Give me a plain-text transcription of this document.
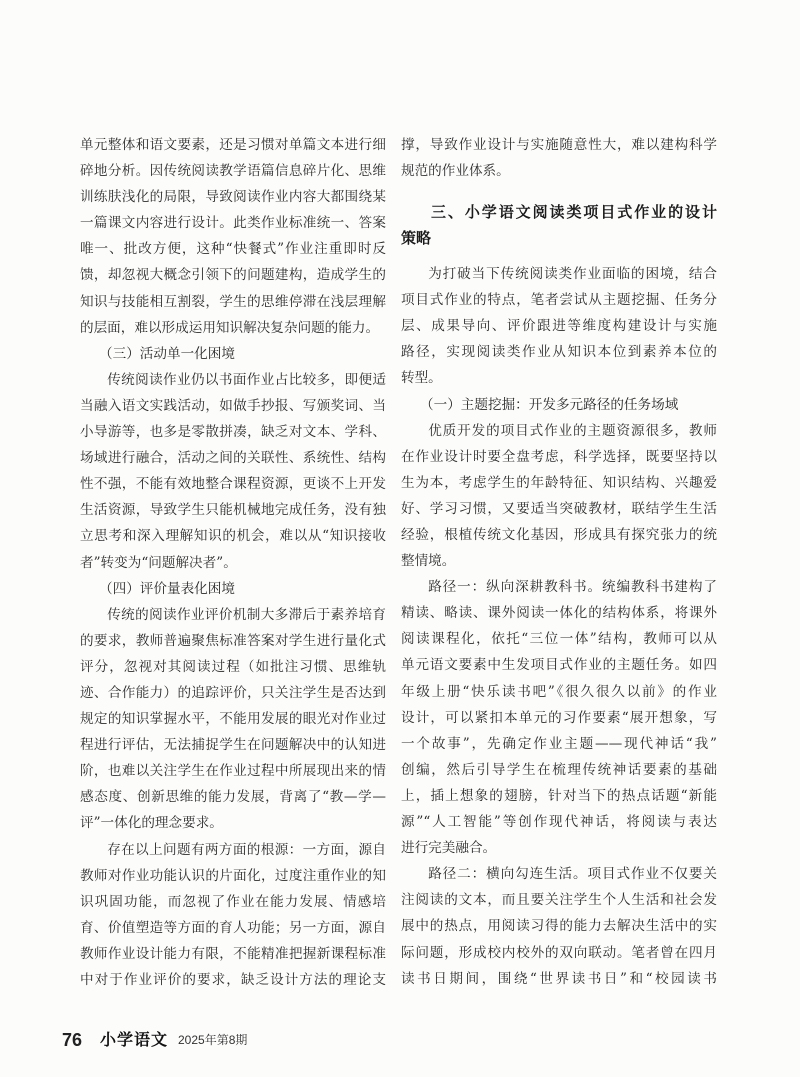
单元整体和语文要素，还是习惯对单篇文本进行细
碎地分析。因传统阅读教学语篇信息碎片化、思维
训练肤浅化的局限，导致阅读作业内容大都围绕某
一篇课文内容进行设计。此类作业标准统一、答案
唯一、批改方便，这种“快餐式”作业注重即时反
馈，却忽视大概念引领下的问题建构，造成学生的
知识与技能相互割裂，学生的思维停滞在浅层理解
的层面，难以形成运用知识解决复杂问题的能力。
（三）活动单一化困境
传统阅读作业仍以书面作业占比较多，即便适
当融入语文实践活动，如做手抄报、写颁奖词、当
小导游等，也多是零散拼凑，缺乏对文本、学科、
场域进行融合，活动之间的关联性、系统性、结构
性不强，不能有效地整合课程资源，更谈不上开发
生活资源，导致学生只能机械地完成任务，没有独
立思考和深入理解知识的机会，难以从“知识接收
者”转变为“问题解决者”。
（四）评价量表化困境
传统的阅读作业评价机制大多滞后于素养培育
的要求，教师普遍聚焦标准答案对学生进行量化式
评分，忽视对其阅读过程（如批注习惯、思维轨
迹、合作能力）的追踪评价，只关注学生是否达到
规定的知识掌握水平，不能用发展的眼光对作业过
程进行评估，无法捕捉学生在问题解决中的认知进
阶，也难以关注学生在作业过程中所展现出来的情
感态度、创新思维的能力发展，背离了“教—学—
评”一体化的理念要求。
存在以上问题有两方面的根源：一方面，源自
教师对作业功能认识的片面化，过度注重作业的知
识巩固功能，而忽视了作业在能力发展、情感培
育、价值塑造等方面的育人功能；另一方面，源自
教师作业设计能力有限，不能精准把握新课程标准
中对于作业评价的要求，缺乏设计方法的理论支
撑，导致作业设计与实施随意性大，难以建构科学
规范的作业体系。
三、小学语文阅读类项目式作业的设计
策略
为打破当下传统阅读类作业面临的困境，结合
项目式作业的特点，笔者尝试从主题挖掘、任务分
层、成果导向、评价跟进等维度构建设计与实施
路径，实现阅读类作业从知识本位到素养本位的
转型。
（一）主题挖掘：开发多元路径的任务场域
优质开发的项目式作业的主题资源很多，教师
在作业设计时要全盘考虑，科学选择，既要坚持以
生为本，考虑学生的年龄特征、知识结构、兴趣爱
好、学习习惯，又要适当突破教材，联结学生生活
经验，根植传统文化基因，形成具有探究张力的统
整情境。
路径一：纵向深耕教科书。统编教科书建构了
精读、略读、课外阅读一体化的结构体系，将课外
阅读课程化，依托“三位一体”结构，教师可以从
单元语文要素中生发项目式作业的主题任务。如四
年级上册“快乐读书吧”《很久很久以前》的作业
设计，可以紧扣本单元的习作要素“展开想象，写
一个故事”，先确定作业主题——现代神话“我”
创编，然后引导学生在梳理传统神话要素的基础
上，插上想象的翅膀，针对当下的热点话题“新能
源”“人工智能”等创作现代神话，将阅读与表达
进行完美融合。
路径二：横向勾连生活。项目式作业不仅要关
注阅读的文本，而且要关注学生个人生活和社会发
展中的热点，用阅读习得的能力去解决生活中的实
际问题，形成校内校外的双向联动。笔者曾在四月
读书日期间，围绕“世界读书日”和“校园读书
76 小学语文 2025年第8期
